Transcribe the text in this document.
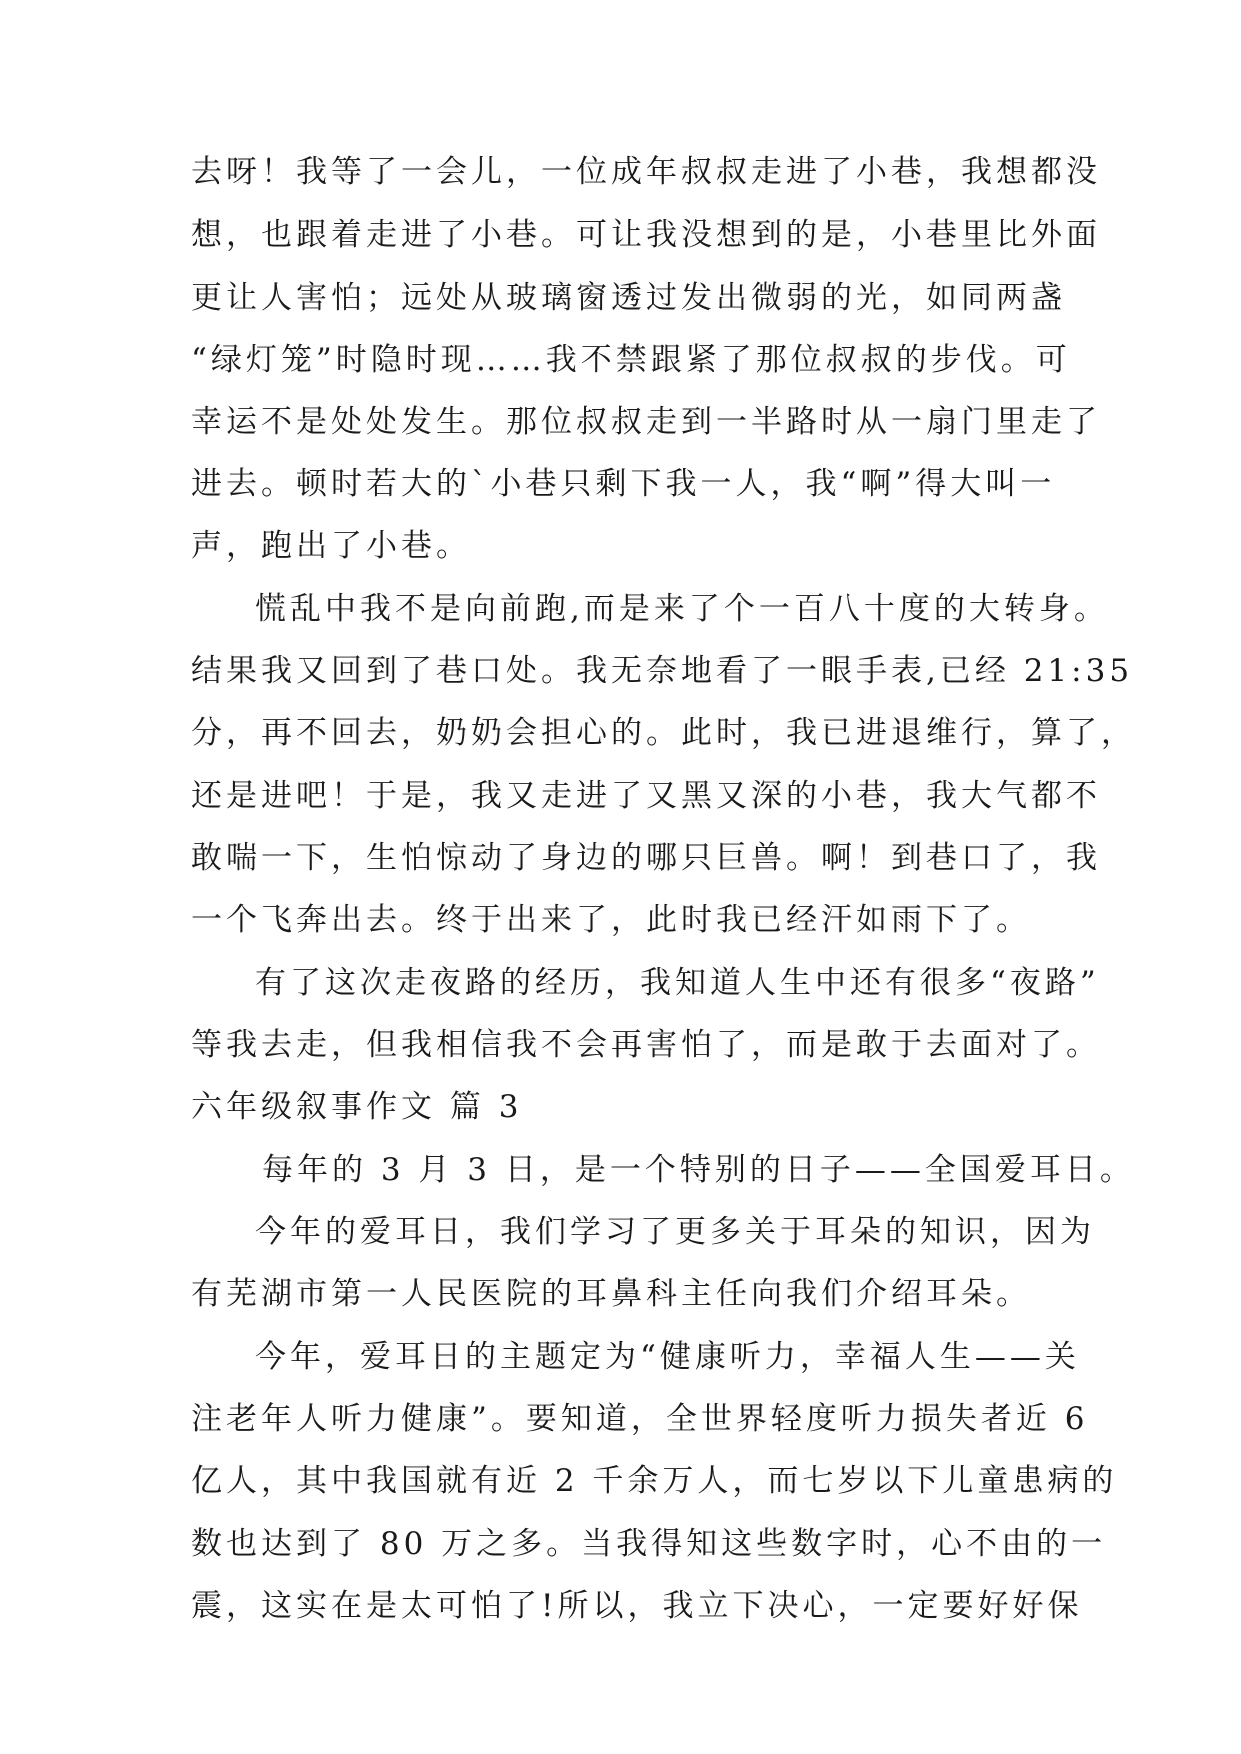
去呀！我等了一会儿，一位成年叔叔走进了小巷，我想都没
想，也跟着走进了小巷。可让我没想到的是，小巷里比外面
更让人害怕；远处从玻璃窗透过发出微弱的光，如同两盏
“绿灯笼”时隐时现……我不禁跟紧了那位叔叔的步伐。可
幸运不是处处发生。那位叔叔走到一半路时从一扇门里走了
进去。顿时若大的`小巷只剩下我一人，我“啊”得大叫一
声，跑出了小巷。
慌乱中我不是向前跑,而是来了个一百八十度的大转身。
结果我又回到了巷口处。我无奈地看了一眼手表,已经 21:35
分，再不回去，奶奶会担心的。此时，我已进退维行，算了，
还是进吧！于是，我又走进了又黑又深的小巷，我大气都不
敢喘一下，生怕惊动了身边的哪只巨兽。啊！到巷口了，我
一个飞奔出去。终于出来了，此时我已经汗如雨下了。
有了这次走夜路的经历，我知道人生中还有很多“夜路”
等我去走，但我相信我不会再害怕了，而是敢于去面对了。
六年级叙事作文 篇 3
每年的 3 月 3 日，是一个特别的日子——全国爱耳日。
今年的爱耳日，我们学习了更多关于耳朵的知识，因为
有芜湖市第一人民医院的耳鼻科主任向我们介绍耳朵。
今年，爱耳日的主题定为“健康听力，幸福人生——关
注老年人听力健康”。要知道，全世界轻度听力损失者近 6
亿人，其中我国就有近 2 千余万人，而七岁以下儿童患病的
数也达到了 80 万之多。当我得知这些数字时，心不由的一
震，这实在是太可怕了!所以，我立下决心，一定要好好保
